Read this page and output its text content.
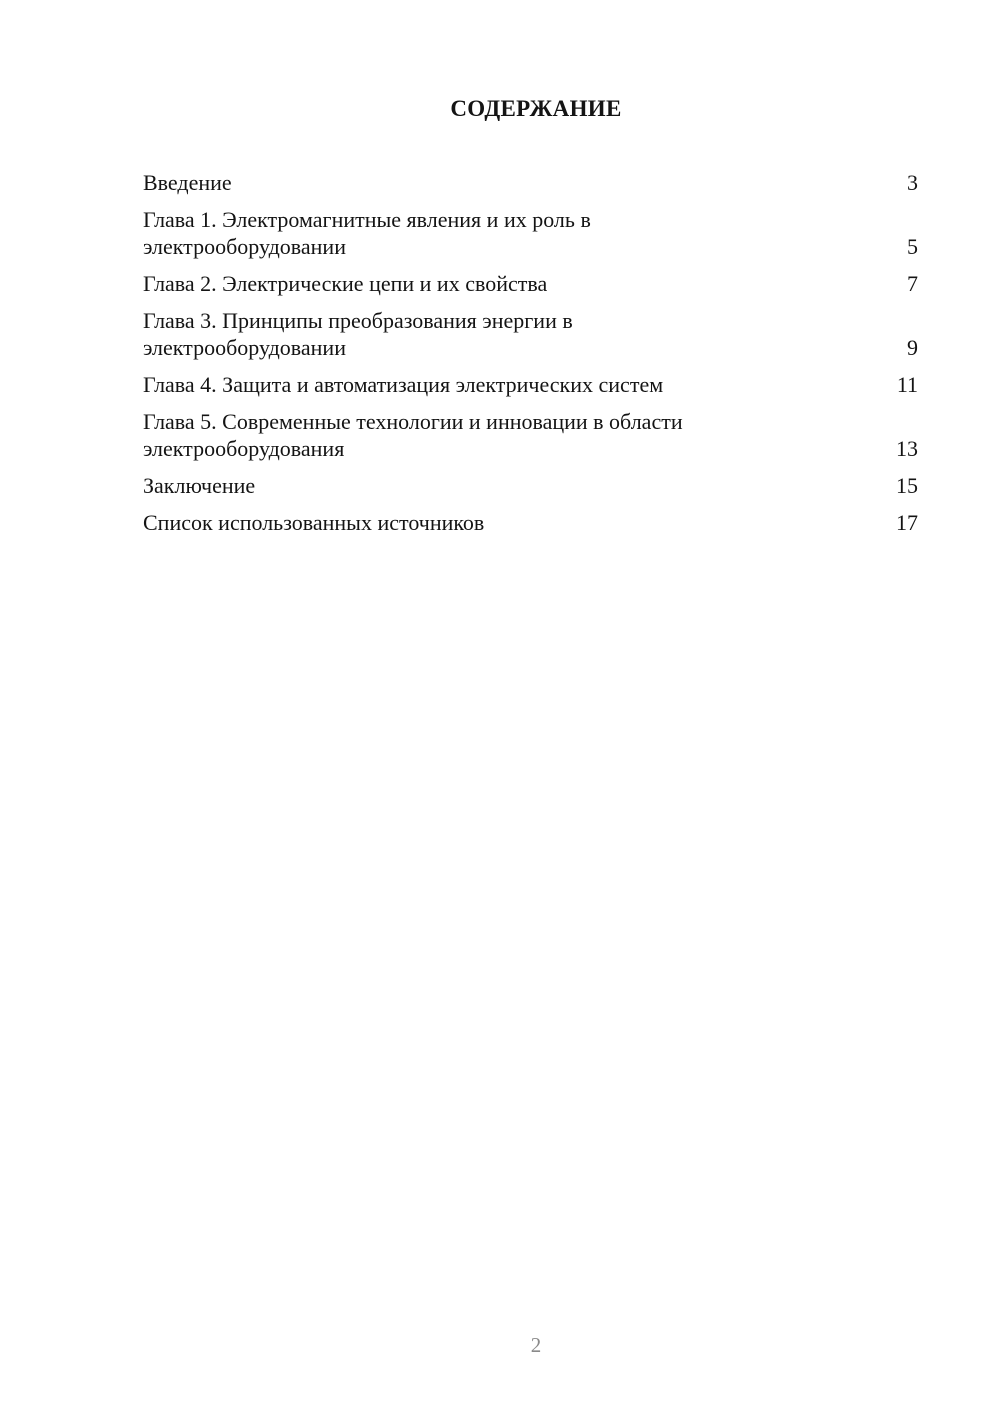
СОДЕРЖАНИЕ
Введение	3
Глава 1. Электромагнитные явления и их роль в электрооборудовании	5
Глава 2. Электрические цепи и их свойства	7
Глава 3. Принципы преобразования энергии в электрооборудовании	9
Глава 4. Защита и автоматизация электрических систем	11
Глава 5. Современные технологии и инновации в области электрооборудования	13
Заключение	15
Список использованных источников	17
2
